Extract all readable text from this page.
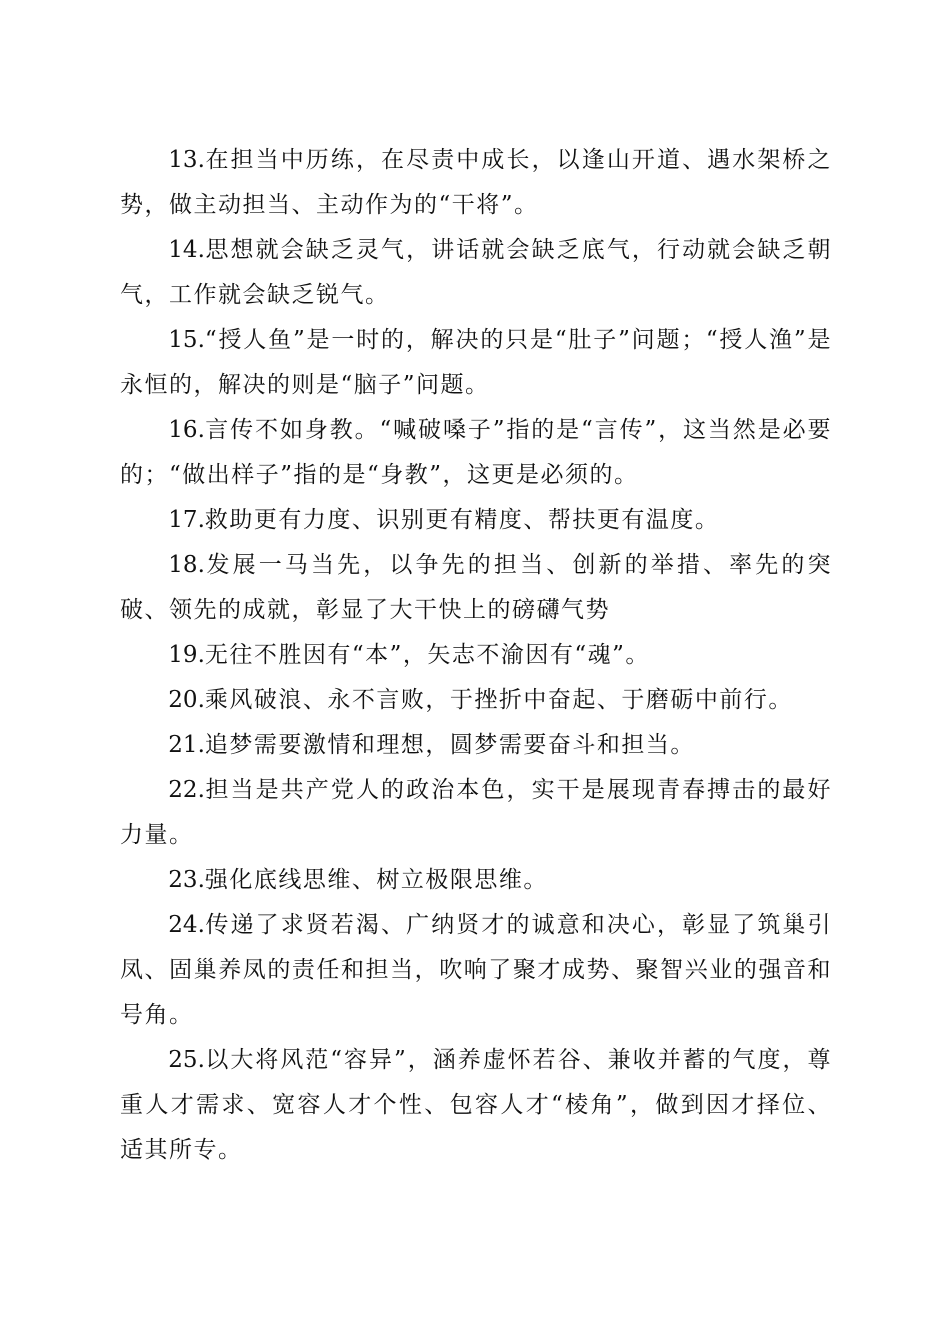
13.在担当中历练，在尽责中成长，以逢山开道、遇水架桥之势，做主动担当、主动作为的“干将”。

14.思想就会缺乏灵气，讲话就会缺乏底气，行动就会缺乏朝气，工作就会缺乏锐气。

15.“授人鱼”是一时的，解决的只是“肚子”问题；“授人渔”是永恒的，解决的则是“脑子”问题。

16.言传不如身教。“喊破嗓子”指的是“言传”，这当然是必要的；“做出样子”指的是“身教”，这更是必须的。

17.救助更有力度、识别更有精度、帮扶更有温度。

18.发展一马当先，以争先的担当、创新的举措、率先的突破、领先的成就，彰显了大干快上的磅礴气势

19.无往不胜因有“本”，矢志不渝因有“魂”。

20.乘风破浪、永不言败，于挫折中奋起、于磨砺中前行。

21.追梦需要激情和理想，圆梦需要奋斗和担当。

22.担当是共产党人的政治本色，实干是展现青春搏击的最好力量。

23.强化底线思维、树立极限思维。

24.传递了求贤若渴、广纳贤才的诚意和决心，彰显了筑巢引凤、固巢养凤的责任和担当，吹响了聚才成势、聚智兴业的强音和号角。

25.以大将风范“容异”，涵养虚怀若谷、兼收并蓄的气度，尊重人才需求、宽容人才个性、包容人才“棱角”，做到因才择位、适其所专。
